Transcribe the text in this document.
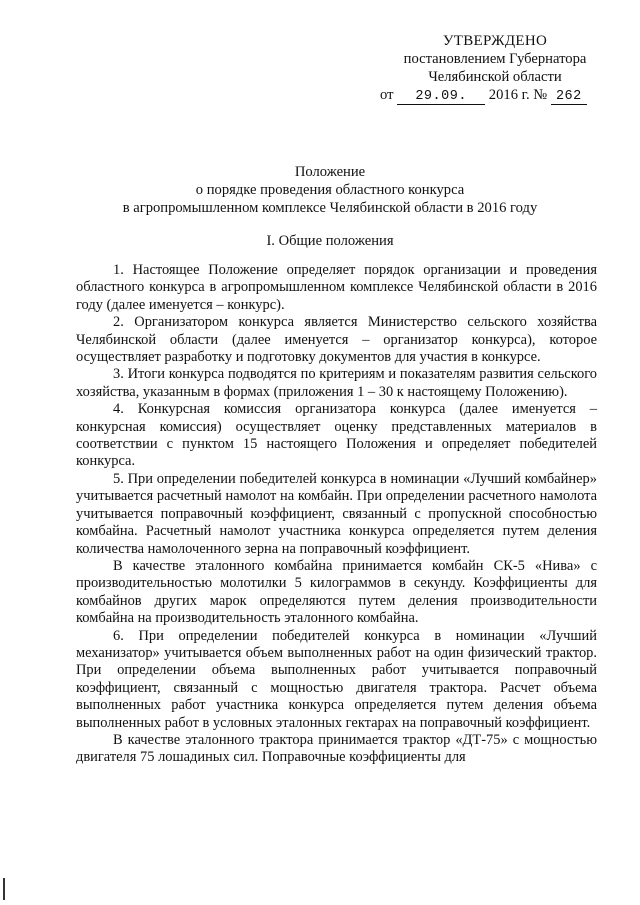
УТВЕРЖДЕНО
постановлением Губернатора
Челябинской области
от 29.09. 2016 г. № 262
Положение
о порядке проведения областного конкурса
в агропромышленном комплексе Челябинской области в 2016 году
I. Общие положения

1. Настоящее Положение определяет порядок организации и проведения областного конкурса в агропромышленном комплексе Челябинской области в 2016 году (далее именуется – конкурс).

2. Организатором конкурса является Министерство сельского хозяйства Челябинской области (далее именуется – организатор конкурса), которое осуществляет разработку и подготовку документов для участия в конкурсе.

3. Итоги конкурса подводятся по критериям и показателям развития сельского хозяйства, указанным в формах (приложения 1 – 30 к настоящему Положению).

4. Конкурсная комиссия организатора конкурса (далее именуется – конкурсная комиссия) осуществляет оценку представленных материалов в соответствии с пунктом 15 настоящего Положения и определяет победителей конкурса.

5. При определении победителей конкурса в номинации «Лучший комбайнер» учитывается расчетный намолот на комбайн. При определении расчетного намолота учитывается поправочный коэффициент, связанный с пропускной способностью комбайна. Расчетный намолот участника конкурса определяется путем деления количества намолоченного зерна на поправочный коэффициент.

В качестве эталонного комбайна принимается комбайн СК-5 «Нива» с производительностью молотилки 5 килограммов в секунду. Коэффициенты для комбайнов других марок определяются путем деления производительности комбайна на производительность эталонного комбайна.

6. При определении победителей конкурса в номинации «Лучший механизатор» учитывается объем выполненных работ на один физический трактор. При определении объема выполненных работ учитывается поправочный коэффициент, связанный с мощностью двигателя трактора. Расчет объема выполненных работ участника конкурса определяется путем деления объема выполненных работ в условных эталонных гектарах на поправочный коэффициент.

В качестве эталонного трактора принимается трактор «ДТ-75» с мощностью двигателя 75 лошадиных сил. Поправочные коэффициенты для
